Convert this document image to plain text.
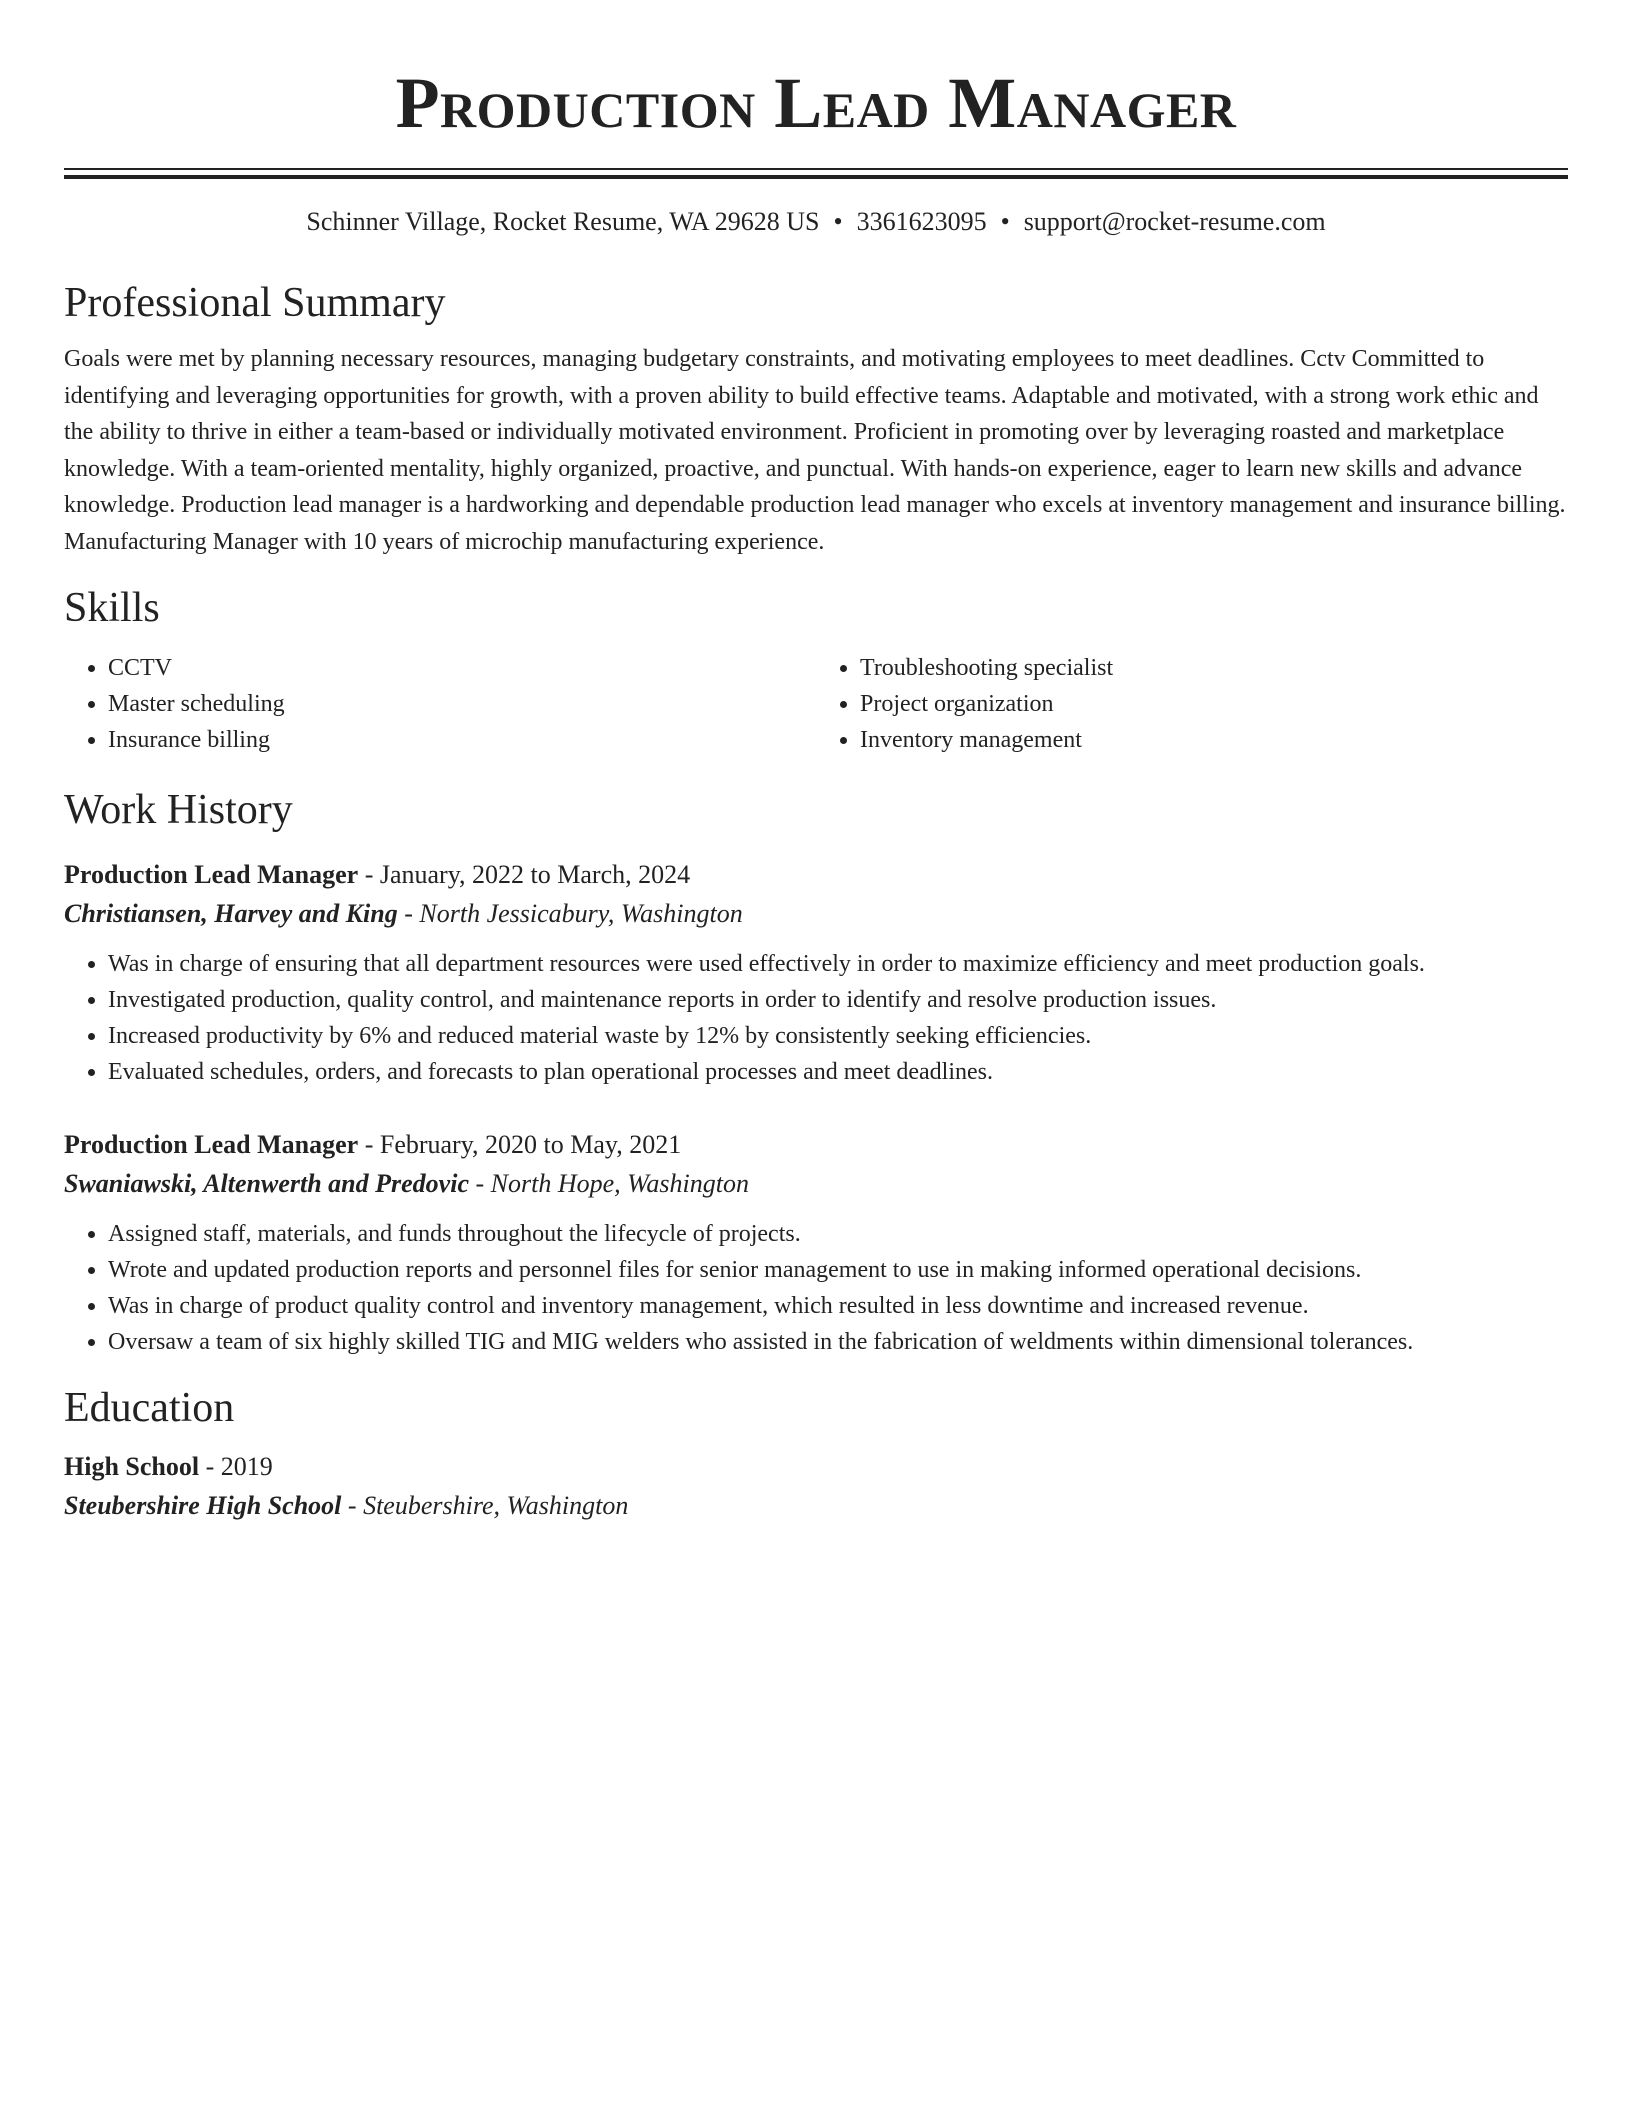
Production Lead Manager
Schinner Village, Rocket Resume, WA 29628 US • 3361623095 • support@rocket-resume.com
Professional Summary

Goals were met by planning necessary resources, managing budgetary constraints, and motivating employees to meet deadlines. Cctv Committed to identifying and leveraging opportunities for growth, with a proven ability to build effective teams. Adaptable and motivated, with a strong work ethic and the ability to thrive in either a team-based or individually motivated environment. Proficient in promoting over by leveraging roasted and marketplace knowledge. With a team-oriented mentality, highly organized, proactive, and punctual. With hands-on experience, eager to learn new skills and advance knowledge. Production lead manager is a hardworking and dependable production lead manager who excels at inventory management and insurance billing. Manufacturing Manager with 10 years of microchip manufacturing experience.

Skills
• CCTV
• Master scheduling
• Insurance billing
• Troubleshooting specialist
• Project organization
• Inventory management
Work History
Production Lead Manager - January, 2022 to March, 2024
Christiansen, Harvey and King - North Jessicabury, Washington
• Was in charge of ensuring that all department resources were used effectively in order to maximize efficiency and meet production goals.
• Investigated production, quality control, and maintenance reports in order to identify and resolve production issues.
• Increased productivity by 6% and reduced material waste by 12% by consistently seeking efficiencies.
• Evaluated schedules, orders, and forecasts to plan operational processes and meet deadlines.
Production Lead Manager - February, 2020 to May, 2021
Swaniawski, Altenwerth and Predovic - North Hope, Washington
• Assigned staff, materials, and funds throughout the lifecycle of projects.
• Wrote and updated production reports and personnel files for senior management to use in making informed operational decisions.
• Was in charge of product quality control and inventory management, which resulted in less downtime and increased revenue.
• Oversaw a team of six highly skilled TIG and MIG welders who assisted in the fabrication of weldments within dimensional tolerances.
Education
High School - 2019
Steubershire High School - Steubershire, Washington
